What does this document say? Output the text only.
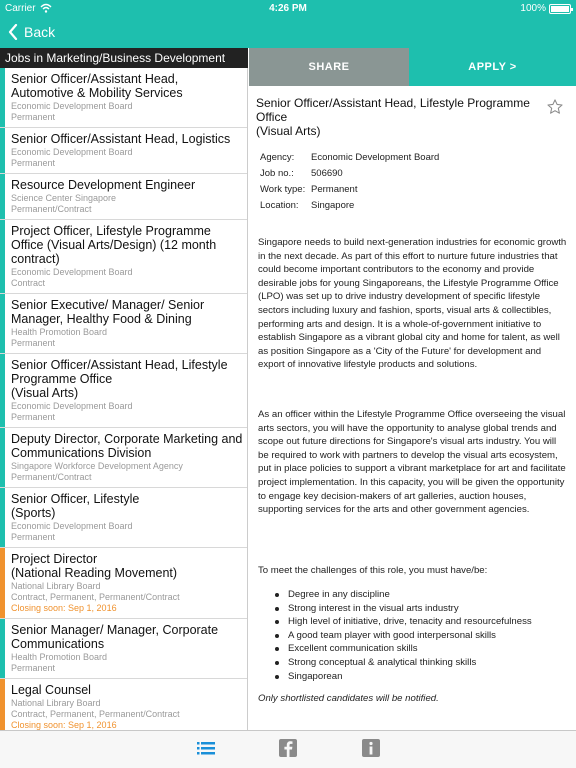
Carrier	4:26 PM	100%
Back
Jobs in Marketing/Business Development
Senior Officer/Assistant Head, Automotive & Mobility Services
Economic Development Board
Permanent
Senior Officer/Assistant Head, Logistics
Economic Development Board
Permanent
Resource Development Engineer
Science Center Singapore
Permanent/Contract
Project Officer, Lifestyle Programme Office (Visual Arts/Design) (12 month contract)
Economic Development Board
Contract
Senior Executive/ Manager/ Senior Manager, Healthy Food & Dining
Health Promotion Board
Permanent
Senior Officer/Assistant Head, Lifestyle Programme Office
(Visual Arts)
Economic Development Board
Permanent
Deputy Director, Corporate Marketing and Communications Division
Singapore Workforce Development Agency
Permanent/Contract
Senior Officer, Lifestyle
(Sports)
Economic Development Board
Permanent
Project Director
(National Reading Movement)
National Library Board
Contract, Permanent, Permanent/Contract
Closing soon: Sep 1, 2016
Senior Manager/ Manager, Corporate Communications
Health Promotion Board
Permanent
Legal Counsel
National Library Board
Contract, Permanent, Permanent/Contract
Closing soon: Sep 1, 2016
SHARE	APPLY >
Senior Officer/Assistant Head, Lifestyle Programme Office
(Visual Arts)
Agency:	Economic Development Board
Job no.:	506690
Work type: Permanent
Location:	Singapore

Singapore needs to build next-generation industries for economic growth in the next decade. As part of this effort to nurture future industries that could become important contributors to the economy and provide desirable jobs for young Singaporeans, the Lifestyle Programme Office (LPO) was set up to drive industry development of specific lifestyle sectors including luxury and fashion, sports, visual arts & collectibles, performing arts and design. It is a whole-of-government initiative to establish Singapore as a vibrant global city and home for talent, as well as position Singapore as a 'City of the Future' for development and export of innovative lifestyle products and solutions.

As an officer within the Lifestyle Programme Office overseeing the visual arts sectors, you will have the opportunity to analyse global trends and scope out future directions for Singapore's visual arts industry. You will be required to work with partners to develop the visual arts ecosystem, put in place policies to support a vibrant marketplace for art and facilitate project implementation. In this capacity, you will be given the opportunity to engage key decision-makers of art galleries, auction houses, supporting services for the arts and other government agencies.

To meet the challenges of this role, you must have/be:

Degree in any discipline
Strong interest in the visual arts industry
High level of initiative, drive, tenacity and resourcefulness
A good team player with good interpersonal skills
Excellent communication skills
Strong conceptual & analytical thinking skills
Singaporean
Only shortlisted candidates will be notified.
